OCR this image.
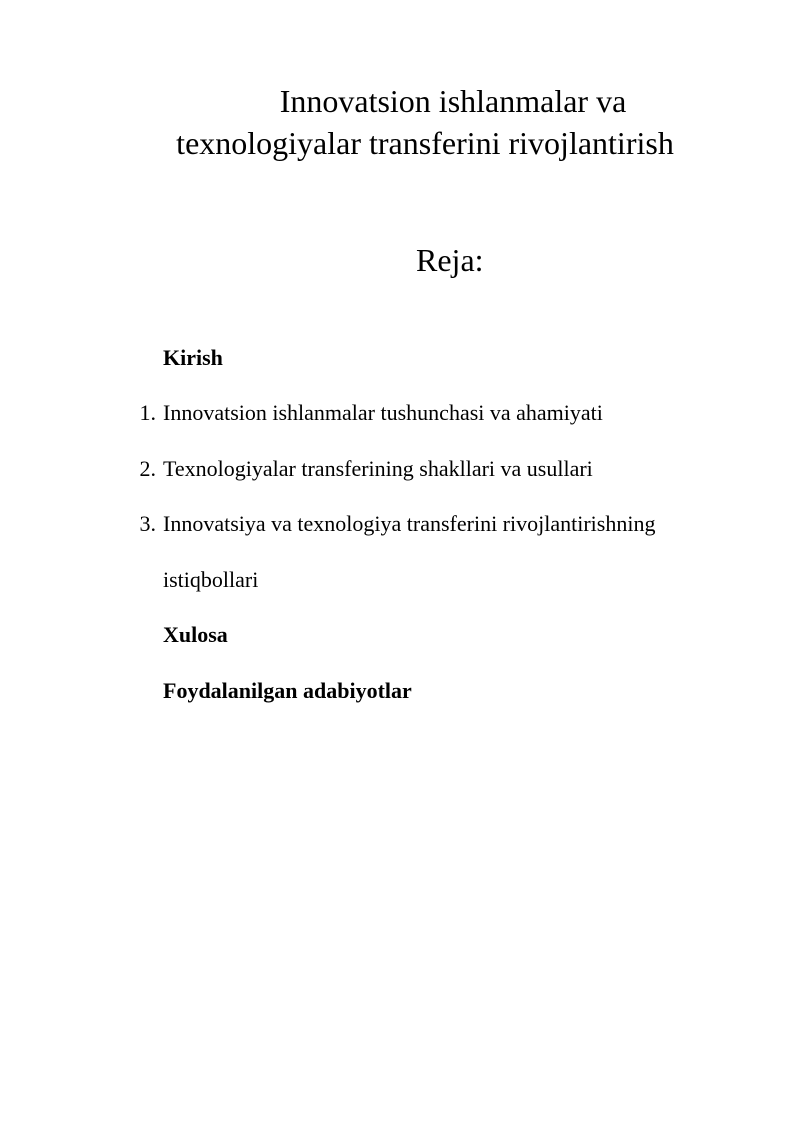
Innovatsion ishlanmalar va
texnologiyalar transferini rivojlantirish
Reja:
Kirish
1. Innovatsion ishlanmalar tushunchasi va ahamiyati
2. Texnologiyalar transferining shakllari va usullari
3. Innovatsiya va texnologiya transferini rivojlantirishning
istiqbollari
Xulosa
Foydalanilgan adabiyotlar
